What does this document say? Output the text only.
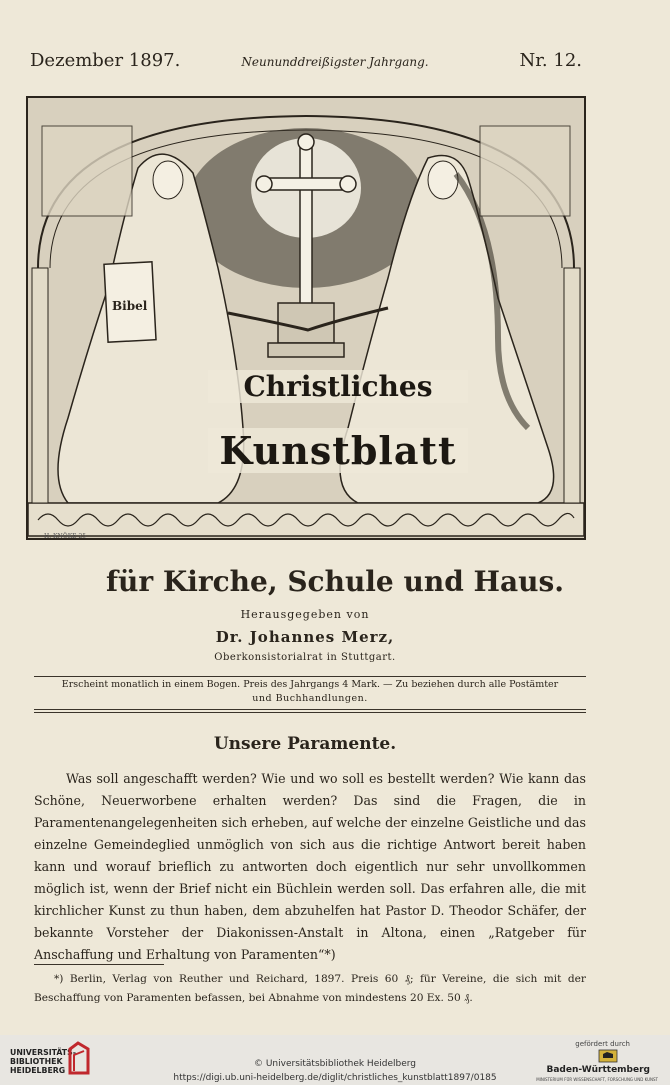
Dezember 1897.	Neununddreißigster Jahrgang.	Nr. 12.
Bibel
Christliches
Kunstblatt
H. KNÖKE 25
für Kirche, Schule und Haus.
Herausgegeben von
Dr. Johannes Merz,
Oberkonsistorialrat in Stuttgart.
Erscheint monatlich in einem Bogen. Preis des Jahrgangs 4 Mark. — Zu beziehen durch alle Postämter
und Buchhandlungen.
Unsere Paramente.

Was soll angeschafft werden? Wie und wo soll es bestellt werden? Wie kann das Schöne, Neuerworbene erhalten werden? Das sind die Fragen, die in Paramentenangelegenheiten sich erheben, auf welche der einzelne Geistliche und das einzelne Gemeindeglied unmöglich von sich aus die richtige Antwort bereit haben kann und worauf brieflich zu antworten doch eigentlich nur sehr unvollkommen möglich ist, wenn der Brief nicht ein Büchlein werden soll. Das erfahren alle, die mit kirchlicher Kunst zu thun haben, dem abzuhelfen hat Pastor D. Theodor Schäfer, der bekannte Vorsteher der Diakonissen-Anstalt in Altona, einen „Ratgeber für Anschaffung und Erhaltung von Paramenten“*)

*) Berlin, Verlag von Reuther und Reichard, 1897. Preis 60 ₰; für Vereine, die sich mit der Beschaffung von Paramenten befassen, bei Abnahme von mindestens 20 Ex. 50 ₰.

UNIVERSITÄTS-
BIBLIOTHEK
HEIDELBERG
© Universitätsbibliothek Heidelberg
https://digi.ub.uni-heidelberg.de/diglit/christliches_kunstblatt1897/0185
gefördert durch
Baden-Württemberg
MINISTERIUM FÜR WISSENSCHAFT, FORSCHUNG UND KUNST
